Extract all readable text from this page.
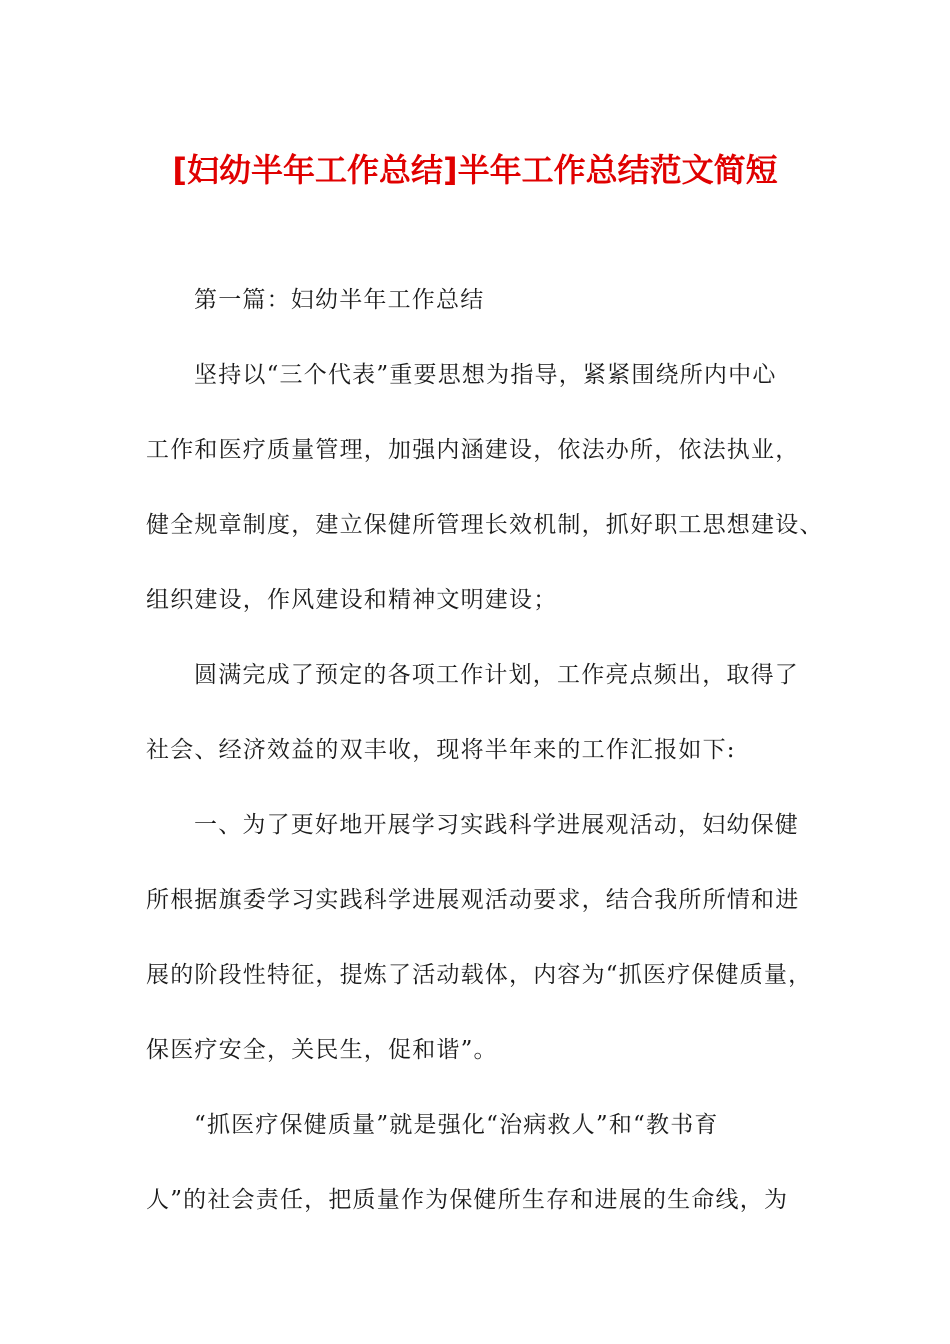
[妇幼半年工作总结]半年工作总结范文简短
第一篇：妇幼半年工作总结
坚持以“三个代表”重要思想为指导，紧紧围绕所内中心
工作和医疗质量管理，加强内涵建设，依法办所，依法执业，
健全规章制度，建立保健所管理长效机制，抓好职工思想建设、
组织建设，作风建设和精神文明建设；
圆满完成了预定的各项工作计划，工作亮点频出，取得了
社会、经济效益的双丰收，现将半年来的工作汇报如下:
一、为了更好地开展学习实践科学进展观活动，妇幼保健
所根据旗委学习实践科学进展观活动要求，结合我所所情和进
展的阶段性特征，提炼了活动载体，内容为“抓医疗保健质量，
保医疗安全，关民生，促和谐”。
“抓医疗保健质量”就是强化“治病救人”和“教书育
人”的社会责任，把质量作为保健所生存和进展的生命线，为
